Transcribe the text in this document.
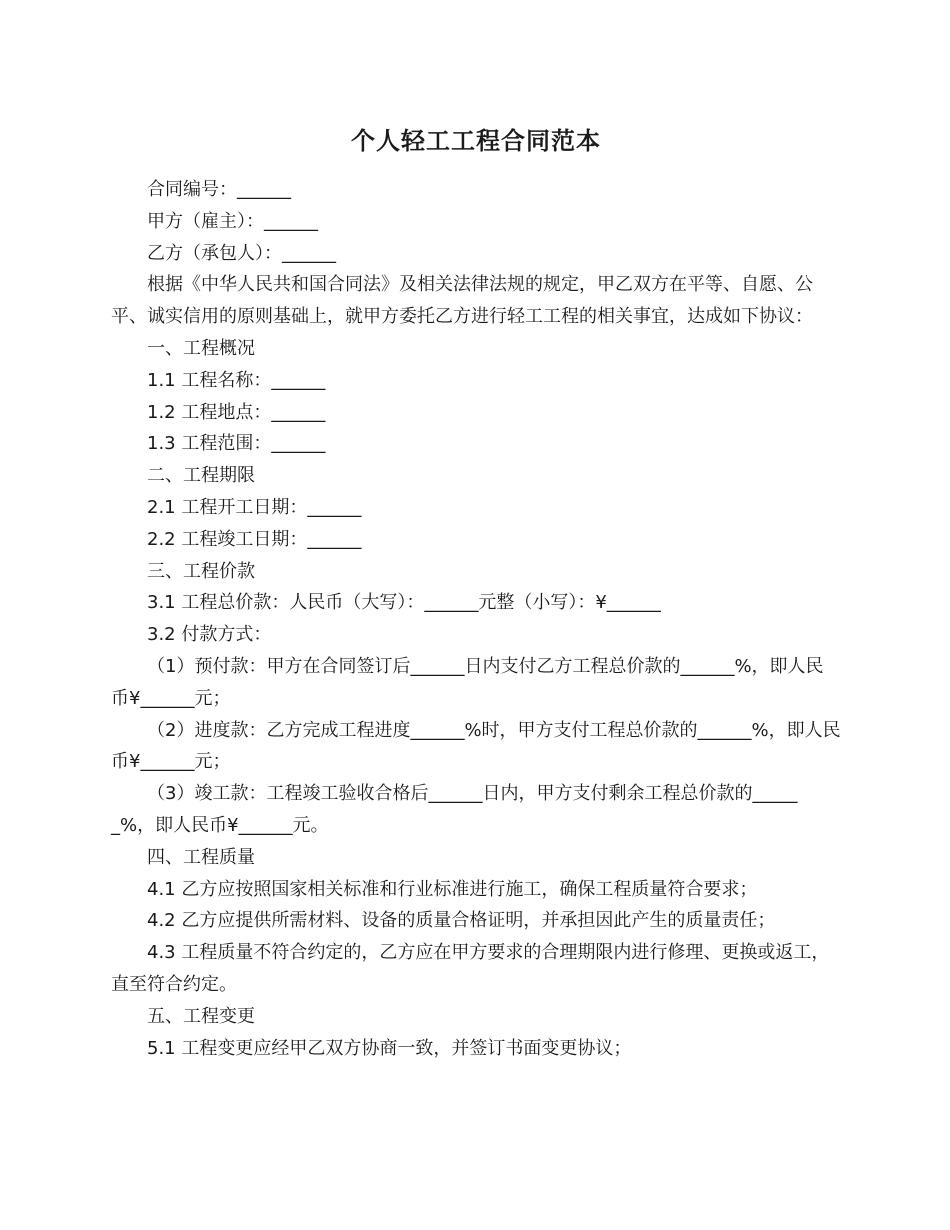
个人轻工工程合同范本

合同编号：______

甲方（雇主）：______

乙方（承包人）：______

根据《中华人民共和国合同法》及相关法律法规的规定，甲乙双方在平等、自愿、公平、诚实信用的原则基础上，就甲方委托乙方进行轻工工程的相关事宜，达成如下协议：

一、工程概况

1.1 工程名称：______

1.2 工程地点：______

1.3 工程范围：______

二、工程期限

2.1 工程开工日期：______

2.2 工程竣工日期：______

三、工程价款

3.1 工程总价款：人民币（大写）：______元整（小写）：¥______

3.2 付款方式：

（1）预付款：甲方在合同签订后______日内支付乙方工程总价款的______%，即人民币¥______元；

（2）进度款：乙方完成工程进度______%时，甲方支付工程总价款的______%，即人民币¥______元；

（3）竣工款：工程竣工验收合格后______日内，甲方支付剩余工程总价款的______%，即人民币¥______元。

四、工程质量

4.1 乙方应按照国家相关标准和行业标准进行施工，确保工程质量符合要求；

4.2 乙方应提供所需材料、设备的质量合格证明，并承担因此产生的质量责任；

4.3 工程质量不符合约定的，乙方应在甲方要求的合理期限内进行修理、更换或返工，直至符合约定。

五、工程变更

5.1 工程变更应经甲乙双方协商一致，并签订书面变更协议；
